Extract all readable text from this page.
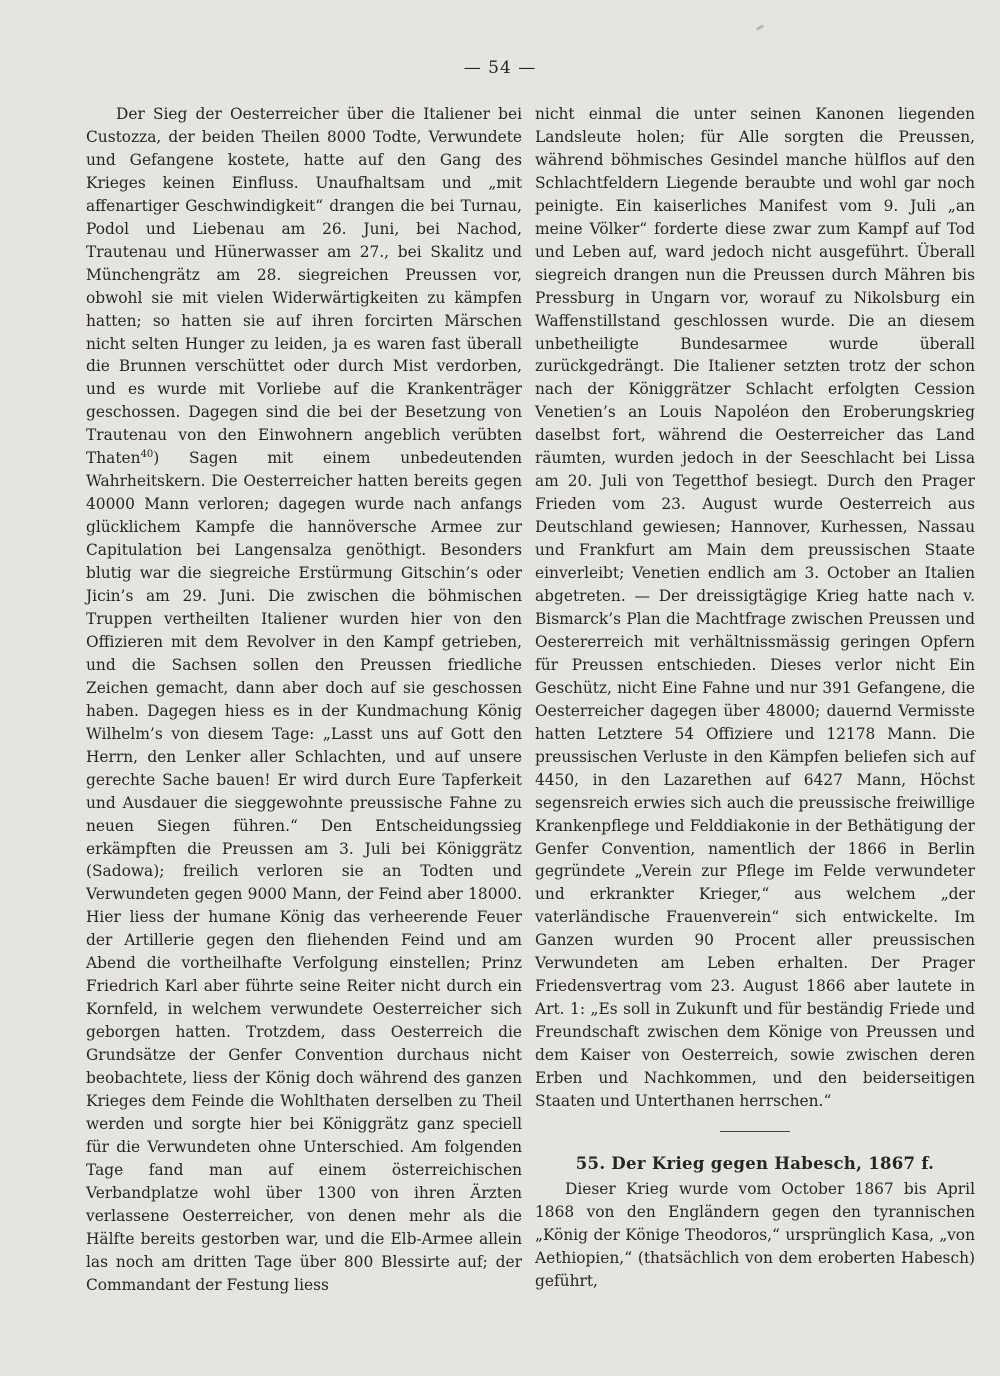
— 54 —

Der Sieg der Oesterreicher über die Italiener bei Custozza, der beiden Theilen 8000 Todte, Verwundete und Gefangene kostete, hatte auf den Gang des Krieges keinen Einfluss. Unaufhaltsam und „mit affenartiger Geschwindigkeit“ drangen die bei Turnau, Podol und Liebenau am 26. Juni, bei Nachod, Trautenau und Hünerwasser am 27., bei Skalitz und Münchengrätz am 28. siegreichen Preussen vor, obwohl sie mit vielen Widerwärtigkeiten zu kämpfen hatten; so hatten sie auf ihren forcirten Märschen nicht selten Hunger zu leiden, ja es waren fast überall die Brunnen verschüttet oder durch Mist verdorben, und es wurde mit Vorliebe auf die Krankenträger geschossen. Dagegen sind die bei der Besetzung von Trautenau von den Einwohnern angeblich verübten Thaten$^{40}$) Sagen mit einem unbedeutenden Wahrheitskern. Die Oesterreicher hatten bereits gegen 40000 Mann verloren; dagegen wurde nach anfangs glücklichem Kampfe die hannöversche Armee zur Capitulation bei Langensalza genöthigt. Besonders blutig war die siegreiche Erstürmung Gitschin’s oder Jicin’s am 29. Juni. Die zwischen die böhmischen Truppen vertheilten Italiener wurden hier von den Offizieren mit dem Revolver in den Kampf getrieben, und die Sachsen sollen den Preussen friedliche Zeichen gemacht, dann aber doch auf sie geschossen haben. Dagegen hiess es in der Kundmachung König Wilhelm’s von diesem Tage: „Lasst uns auf Gott den Herrn, den Lenker aller Schlachten, und auf unsere gerechte Sache bauen! Er wird durch Eure Tapferkeit und Ausdauer die sieggewohnte preussische Fahne zu neuen Siegen führen.“ Den Entscheidungssieg erkämpften die Preussen am 3. Juli bei Königgrätz (Sadowa); freilich verloren sie an Todten und Verwundeten gegen 9000 Mann, der Feind aber 18000. Hier liess der humane König das verheerende Feuer der Artillerie gegen den fliehenden Feind und am Abend die vortheilhafte Verfolgung einstellen; Prinz Friedrich Karl aber führte seine Reiter nicht durch ein Kornfeld, in welchem verwundete Oesterreicher sich geborgen hatten. Trotzdem, dass Oesterreich die Grundsätze der Genfer Convention durchaus nicht beobachtete, liess der König doch während des ganzen Krieges dem Feinde die Wohlthaten derselben zu Theil werden und sorgte hier bei Königgrätz ganz speciell für die Verwundeten ohne Unterschied. Am folgenden Tage fand man auf einem österreichischen Verbandplatze wohl über 1300 von ihren Ärzten verlassene Oesterreicher, von denen mehr als die Hälfte bereits gestorben war, und die Elb-Armee allein las noch am dritten Tage über 800 Blessirte auf; der Commandant der Festung liess

nicht einmal die unter seinen Kanonen liegenden Landsleute holen; für Alle sorgten die Preussen, während böhmisches Gesindel manche hülflos auf den Schlachtfeldern Liegende beraubte und wohl gar noch peinigte. Ein kaiserliches Manifest vom 9. Juli „an meine Völker“ forderte diese zwar zum Kampf auf Tod und Leben auf, ward jedoch nicht ausgeführt. Überall siegreich drangen nun die Preussen durch Mähren bis Pressburg in Ungarn vor, worauf zu Nikolsburg ein Waffenstillstand geschlossen wurde. Die an diesem unbetheiligte Bundesarmee wurde überall zurückgedrängt. Die Italiener setzten trotz der schon nach der Königgrätzer Schlacht erfolgten Cession Venetien’s an Louis Napoléon den Eroberungskrieg daselbst fort, während die Oesterreicher das Land räumten, wurden jedoch in der Seeschlacht bei Lissa am 20. Juli von Tegetthof besiegt. Durch den Prager Frieden vom 23. August wurde Oesterreich aus Deutschland gewiesen; Hannover, Kurhessen, Nassau und Frankfurt am Main dem preussischen Staate einverleibt; Venetien endlich am 3. October an Italien abgetreten. — Der dreissigtägige Krieg hatte nach v. Bismarck’s Plan die Machtfrage zwischen Preussen und Oestererreich mit verhältnissmässig geringen Opfern für Preussen entschieden. Dieses verlor nicht Ein Geschütz, nicht Eine Fahne und nur 391 Gefangene, die Oesterreicher dagegen über 48000; dauernd Vermisste hatten Letztere 54 Offiziere und 12178 Mann. Die preussischen Verluste in den Kämpfen beliefen sich auf 4450, in den Lazarethen auf 6427 Mann, Höchst segensreich erwies sich auch die preussische freiwillige Krankenpflege und Felddiakonie in der Bethätigung der Genfer Convention, namentlich der 1866 in Berlin gegründete „Verein zur Pflege im Felde verwundeter und erkrankter Krieger,“ aus welchem „der vaterländische Frauenverein“ sich entwickelte. Im Ganzen wurden 90 Procent aller preussischen Verwundeten am Leben erhalten. Der Prager Friedensvertrag vom 23. August 1866 aber lautete in Art. 1: „Es soll in Zukunft und für beständig Friede und Freundschaft zwischen dem Könige von Preussen und dem Kaiser von Oesterreich, sowie zwischen deren Erben und Nachkommen, und den beiderseitigen Staaten und Unterthanen herrschen.“

55. Der Krieg gegen Habesch, 1867 f.

Dieser Krieg wurde vom October 1867 bis April 1868 von den Engländern gegen den tyrannischen „König der Könige Theodoros,“ ursprünglich Kasa, „von Aethiopien,“ (thatsächlich von dem eroberten Habesch) geführt,
